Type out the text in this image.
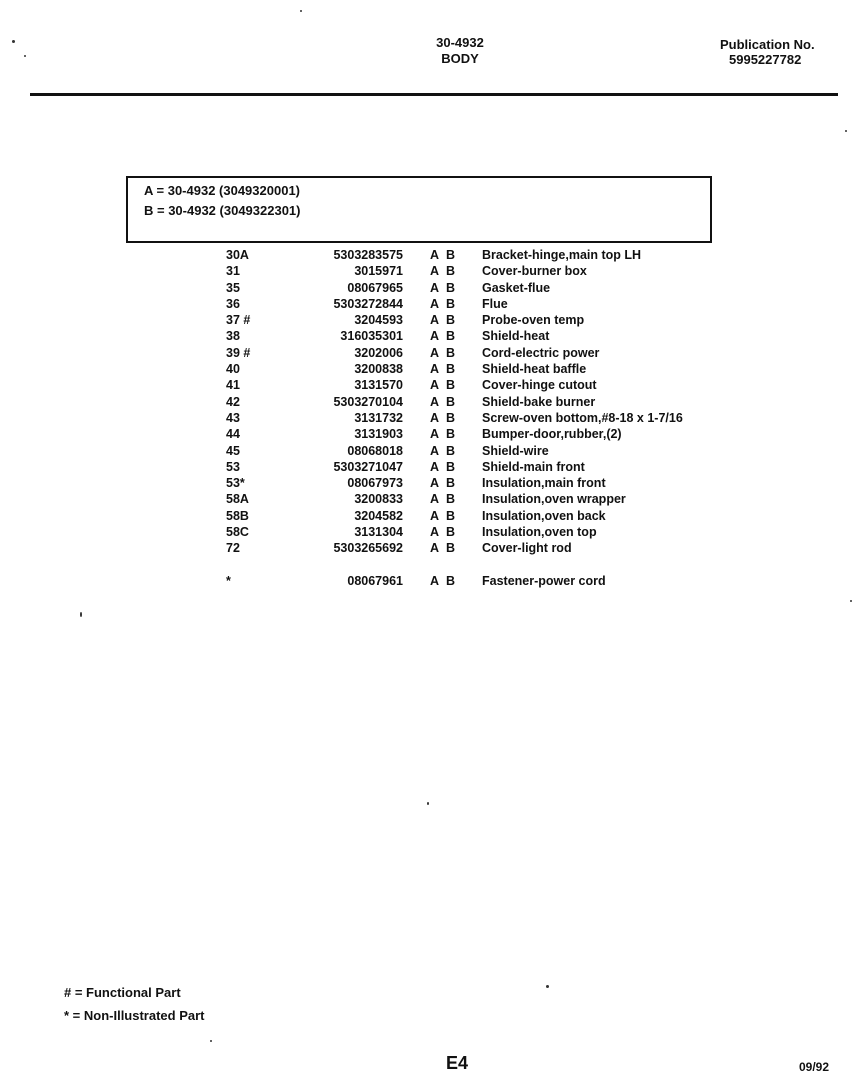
30-4932
BODY
Publication No.
5995227782
A = 30-4932 (3049320001)
B = 30-4932 (3049322301)
30A	5303283575 A B Bracket-hinge,main top LH
31	3015971 A B Cover-burner box
35	08067965 A B Gasket-flue
36	5303272844 A B Flue
37 #	3204593 A B Probe-oven temp
38	316035301 A B Shield-heat
39 #	3202006 A B Cord-electric power
40	3200838 A B Shield-heat baffle
41	3131570 A B Cover-hinge cutout
42	5303270104 A B Shield-bake burner
43	3131732 A B Screw-oven bottom,#8-18 x 1-7/16
44	3131903 A B Bumper-door,rubber,(2)
45	08068018 A B Shield-wire
53	5303271047 A B Shield-main front
53*	08067973 A B Insulation,main front
58A	3200833 A B Insulation,oven wrapper
58B	3204582 A B Insulation,oven back
58C	3131304 A B Insulation,oven top
72	5303265692 A B Cover-light rod
*	08067961 A B Fastener-power cord
# = Functional Part
* = Non-Illustrated Part
E4	09/92
